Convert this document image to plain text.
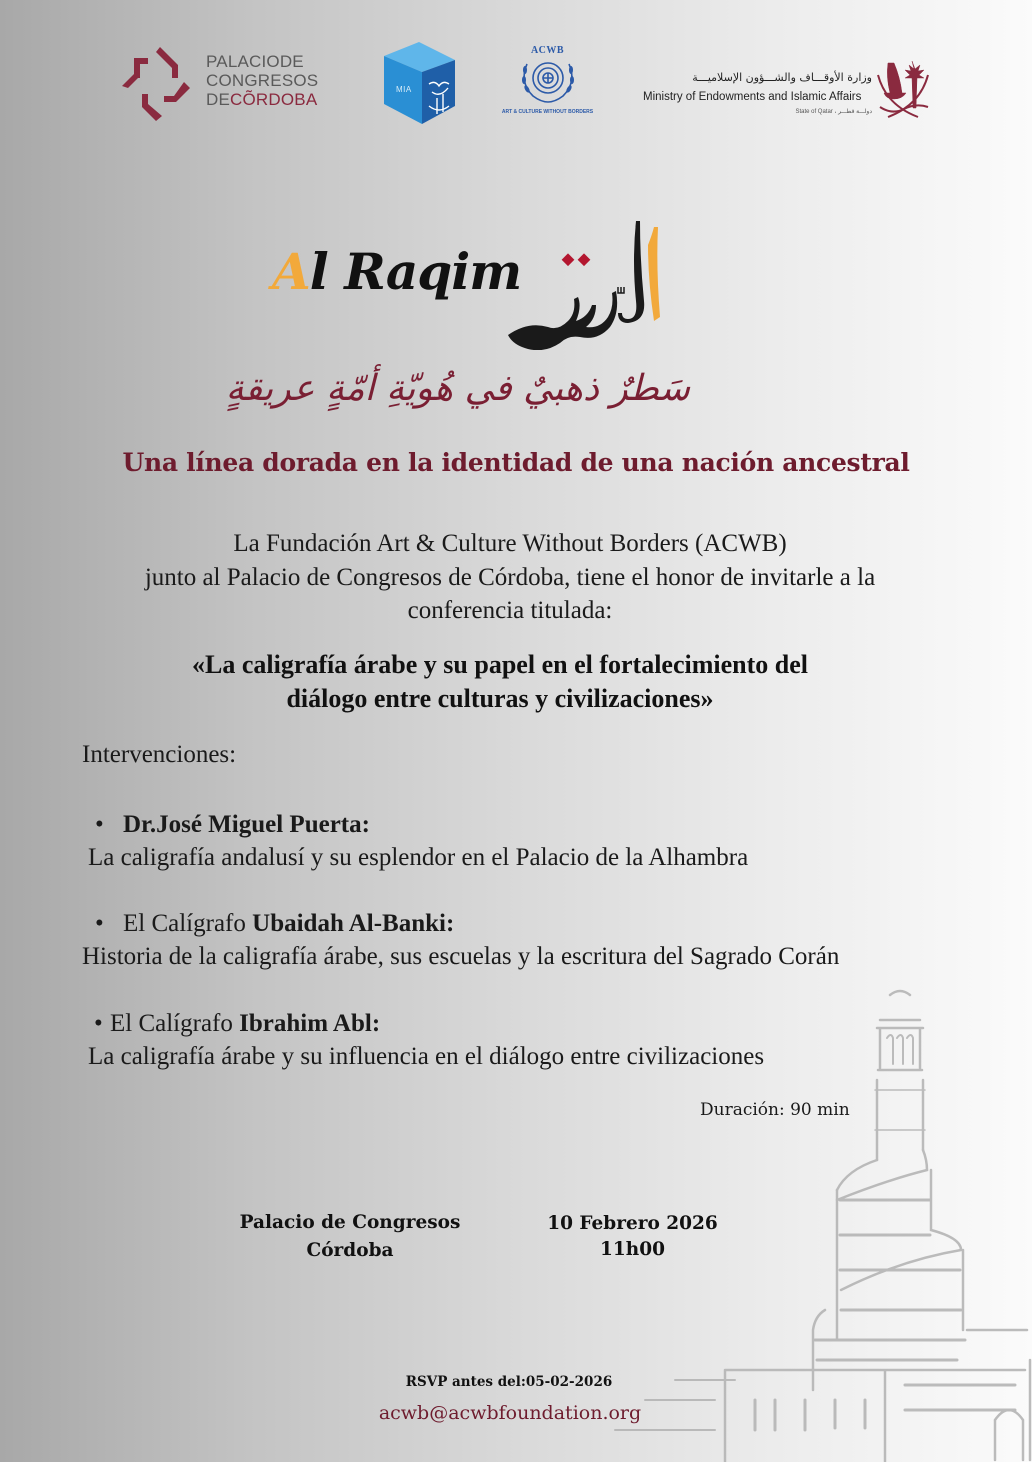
PALACIODE
CONGRESOS
DECÕRDOBA
MIA
ACWB
ART & CULTURE WITHOUT BORDERS
وزارة الأوقـــاف والشـــؤون الإسلاميـــة
Ministry of Endowments and Islamic Affairs
State of Qatar ، دولـــة قطـــر
Al Raqim
سَطرٌ ذهبيٌ في هُويّةِ أمّةٍ عريقةٍ
Una línea dorada en la identidad de una nación ancestral
La Fundación Art & Culture Without Borders (ACWB)
junto al Palacio de Congresos de Córdoba, tiene el honor de invitarle a la
conferencia titulada:
«La caligrafía árabe y su papel en el fortalecimiento del
diálogo entre culturas y civilizaciones»
Intervenciones:
• Dr.José Miguel Puerta:
La caligrafía andalusí y su esplendor en el Palacio de la Alhambra
• El Calígrafo Ubaidah Al-Banki:
Historia de la caligrafía árabe, sus escuelas y la escritura del Sagrado Corán
• El Calígrafo Ibrahim Abl:
La caligrafía árabe y su influencia en el diálogo entre civilizaciones
Duración: 90 min
Palacio de Congresos
Córdoba
10 Febrero 2026
11h00
RSVP antes del:05-02-2026
acwb@acwbfoundation.org
